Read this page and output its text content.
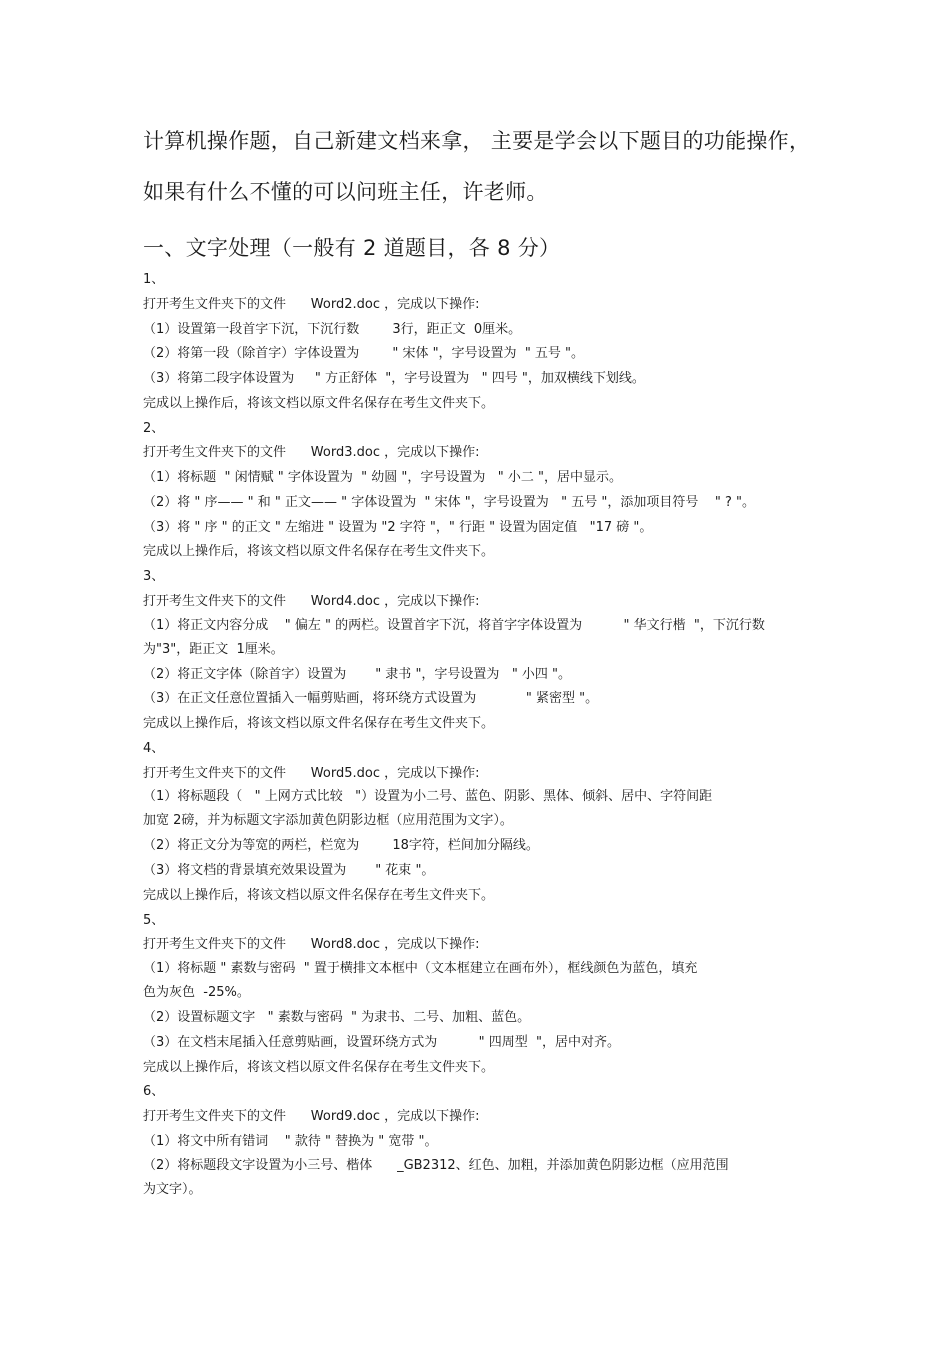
计算机操作题，自己新建文档来拿， 主要是学会以下题目的功能操作，
如果有什么不懂的可以问班主任，许老师。
一、文字处理（一般有 2 道题目，各 8 分）
1、
打开考生文件夹下的文件      Word2.doc ，完成以下操作:
（1）设置第一段首字下沉，下沉行数        3行，距正文  0厘米。
（2）将第一段（除首字）字体设置为        " 宋体 "，字号设置为  " 五号 "。
（3）将第二段字体设置为     " 方正舒体  "，字号设置为   " 四号 "，加双横线下划线。
完成以上操作后，将该文档以原文件名保存在考生文件夹下。
2、
打开考生文件夹下的文件      Word3.doc ，完成以下操作:
（1）将标题  " 闲情赋 " 字体设置为  " 幼圆 "，字号设置为   " 小二 "，居中显示。
（2）将 " 序—— " 和 " 正文—— " 字体设置为  " 宋体 "，字号设置为   " 五号 "，添加项目符号    " ? "。
（3）将 " 序 " 的正文 " 左缩进 " 设置为 "2 字符 "，" 行距 " 设置为固定值   "17 磅 "。
完成以上操作后，将该文档以原文件名保存在考生文件夹下。
3、
打开考生文件夹下的文件      Word4.doc ，完成以下操作:
（1）将正文内容分成    " 偏左 " 的两栏。设置首字下沉，将首字字体设置为          " 华文行楷  "，下沉行数
为"3"，距正文  1厘米。
（2）将正文字体（除首字）设置为       " 隶书 "，字号设置为   " 小四 "。
（3）在正文任意位置插入一幅剪贴画，将环绕方式设置为            " 紧密型 "。
完成以上操作后，将该文档以原文件名保存在考生文件夹下。
4、
打开考生文件夹下的文件      Word5.doc ，完成以下操作:
（1）将标题段（   " 上网方式比较   "）设置为小二号、蓝色、阴影、黑体、倾斜、居中、字符间距
加宽 2磅，并为标题文字添加黄色阴影边框（应用范围为文字）。
（2）将正文分为等宽的两栏，栏宽为        18字符，栏间加分隔线。
（3）将文档的背景填充效果设置为       " 花束 "。
完成以上操作后，将该文档以原文件名保存在考生文件夹下。
5、
打开考生文件夹下的文件      Word8.doc ，完成以下操作:
（1）将标题 " 素数与密码  " 置于横排文本框中（文本框建立在画布外），框线颜色为蓝色，填充
色为灰色  -25%。
（2）设置标题文字   " 素数与密码  " 为隶书、二号、加粗、蓝色。
（3）在文档末尾插入任意剪贴画，设置环绕方式为          " 四周型  "，居中对齐。
完成以上操作后，将该文档以原文件名保存在考生文件夹下。
6、
打开考生文件夹下的文件      Word9.doc ，完成以下操作:
（1）将文中所有错词    " 款待 " 替换为 " 宽带 "。
（2）将标题段文字设置为小三号、楷体      _GB2312、红色、加粗，并添加黄色阴影边框（应用范围
为文字）。
